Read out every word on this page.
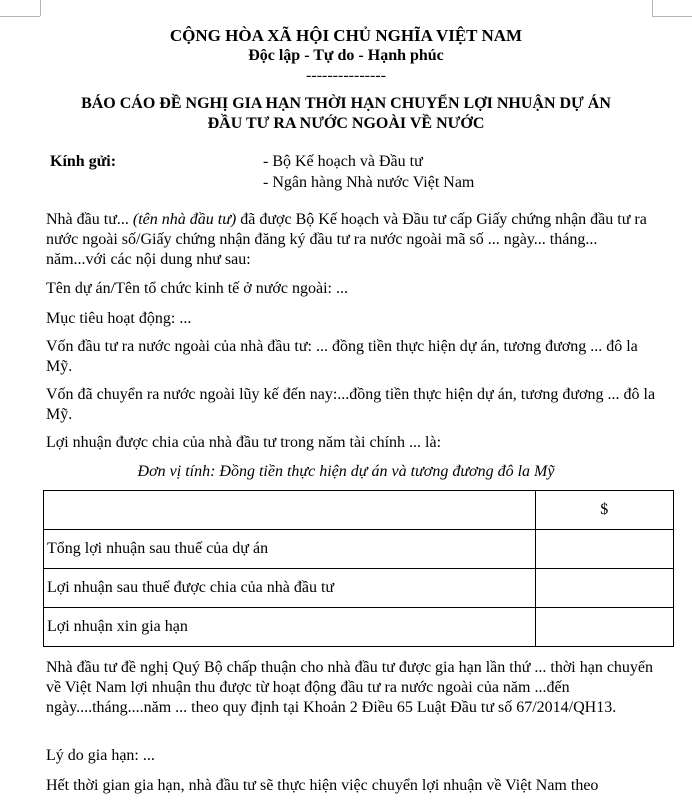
CỘNG HÒA XÃ HỘI CHỦ NGHĨA VIỆT NAM
Độc lập - Tự do - Hạnh phúc
---------------
BÁO CÁO ĐỀ NGHỊ GIA HẠN THỜI HẠN CHUYỂN LỢI NHUẬN DỰ ÁN
ĐẦU TƯ RA NƯỚC NGOÀI VỀ NƯỚC
Kính gửi:	- Bộ Kế hoạch và Đầu tư
- Ngân hàng Nhà nước Việt Nam
Nhà đầu tư... (tên nhà đầu tư) đã được Bộ Kế hoạch và Đầu tư cấp Giấy chứng nhận đầu tư ra nước ngoài số/Giấy chứng nhận đăng ký đầu tư ra nước ngoài mã số ... ngày... tháng... năm...với các nội dung như sau:
Tên dự án/Tên tổ chức kinh tế ở nước ngoài: ...
Mục tiêu hoạt động: ...
Vốn đầu tư ra nước ngoài của nhà đầu tư: ... đồng tiền thực hiện dự án, tương đương ... đô la Mỹ.
Vốn đã chuyển ra nước ngoài lũy kế đến nay:...đồng tiền thực hiện dự án, tương đương ... đô la Mỹ.
Lợi nhuận được chia của nhà đầu tư trong năm tài chính ... là:
Đơn vị tính: Đồng tiền thực hiện dự án và tương đương đô la Mỹ
	$
Tổng lợi nhuận sau thuế của dự án	
Lợi nhuận sau thuế được chia của nhà đầu tư	
Lợi nhuận xin gia hạn	
Nhà đầu tư đề nghị Quý Bộ chấp thuận cho nhà đầu tư được gia hạn lần thứ ... thời hạn chuyển về Việt Nam lợi nhuận thu được từ hoạt động đầu tư ra nước ngoài của năm ...đến ngày....tháng....năm ... theo quy định tại Khoản 2 Điều 65 Luật Đầu tư số 67/2014/QH13.
Lý do gia hạn: ...
Hết thời gian gia hạn, nhà đầu tư sẽ thực hiện việc chuyển lợi nhuận về Việt Nam theo
